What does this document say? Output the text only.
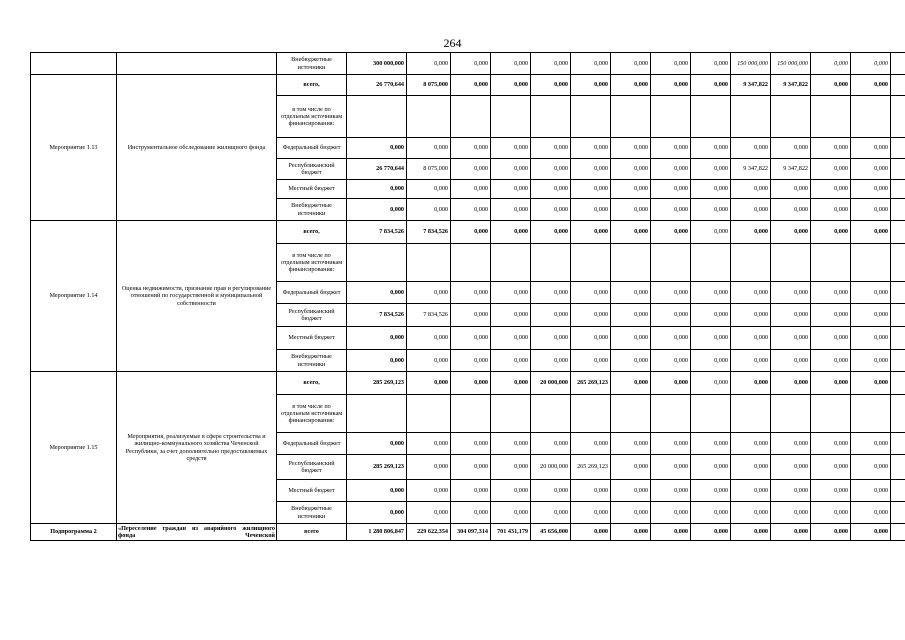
264
		Внебюджетные источники	300 000,000	0,000	0,000	0,000	0,000	0,000	0,000	0,000	0,000	150 000,000	150 000,000	0,000	0,000	
Мероприятие 1.13	Инструментальное обследование жилищного фонда	всего,	26 770,644	8 075,000	0,000	0,000	0,000	0,000	0,000	0,000	0,000	9 347,822	9 347,822	0,000	0,000	
		в том числе по отдельным источникам финансирования:														
		Федеральный бюджет	0,000	0,000	0,000	0,000	0,000	0,000	0,000	0,000	0,000	0,000	0,000	0,000	0,000	
		Республиканский бюджет	26 770,644	8 075,000	0,000	0,000	0,000	0,000	0,000	0,000	0,000	9 347,822	9 347,822	0,000	0,000	
		Местный бюджет	0,000	0,000	0,000	0,000	0,000	0,000	0,000	0,000	0,000	0,000	0,000	0,000	0,000	
		Внебюджетные источники	0,000	0,000	0,000	0,000	0,000	0,000	0,000	0,000	0,000	0,000	0,000	0,000	0,000	
Мероприятие 1.14	Оценка недвижимости, признание прав и регулирование отношений по государственной и муниципальной собственности	всего,	7 834,526	7 834,526	0,000	0,000	0,000	0,000	0,000	0,000	0,000	0,000	0,000	0,000	0,000	
		в том числе по отдельным источникам финансирования:														
		Федеральный бюджет	0,000	0,000	0,000	0,000	0,000	0,000	0,000	0,000	0,000	0,000	0,000	0,000	0,000	
		Республиканский бюджет	7 834,526	7 834,526	0,000	0,000	0,000	0,000	0,000	0,000	0,000	0,000	0,000	0,000	0,000	
		Местный бюджет	0,000	0,000	0,000	0,000	0,000	0,000	0,000	0,000	0,000	0,000	0,000	0,000	0,000	
		Внебюджетные источники	0,000	0,000	0,000	0,000	0,000	0,000	0,000	0,000	0,000	0,000	0,000	0,000	0,000	
Мероприятие 1.15	Мероприятия, реализуемые в сфере строительства и жилищно-коммунального хозяйства Чеченской Республики, за счет дополнительно предоставляемых средств	всего,	285 269,123	0,000	0,000	0,000	20 000,000	265 269,123	0,000	0,000	0,000	0,000	0,000	0,000	0,000	
		в том числе по отдельным источникам финансирования:														
		Федеральный бюджет	0,000	0,000	0,000	0,000	0,000	0,000	0,000	0,000	0,000	0,000	0,000	0,000	0,000	
		Республиканский бюджет	285 269,123	0,000	0,000	0,000	20 000,000	265 269,123	0,000	0,000	0,000	0,000	0,000	0,000	0,000	
		Местный бюджет	0,000	0,000	0,000	0,000	0,000	0,000	0,000	0,000	0,000	0,000	0,000	0,000	0,000	
		Внебюджетные источники	0,000	0,000	0,000	0,000	0,000	0,000	0,000	0,000	0,000	0,000	0,000	0,000	0,000	
Подпрограмма 2	«Переселение граждан из аварийного жилищного фонда Чеченской	всего	1 280 806,847	229 622,354	304 097,314	701 431,179	45 656,000	0,000	0,000	0,000	0,000	0,000	0,000	0,000	0,000	
